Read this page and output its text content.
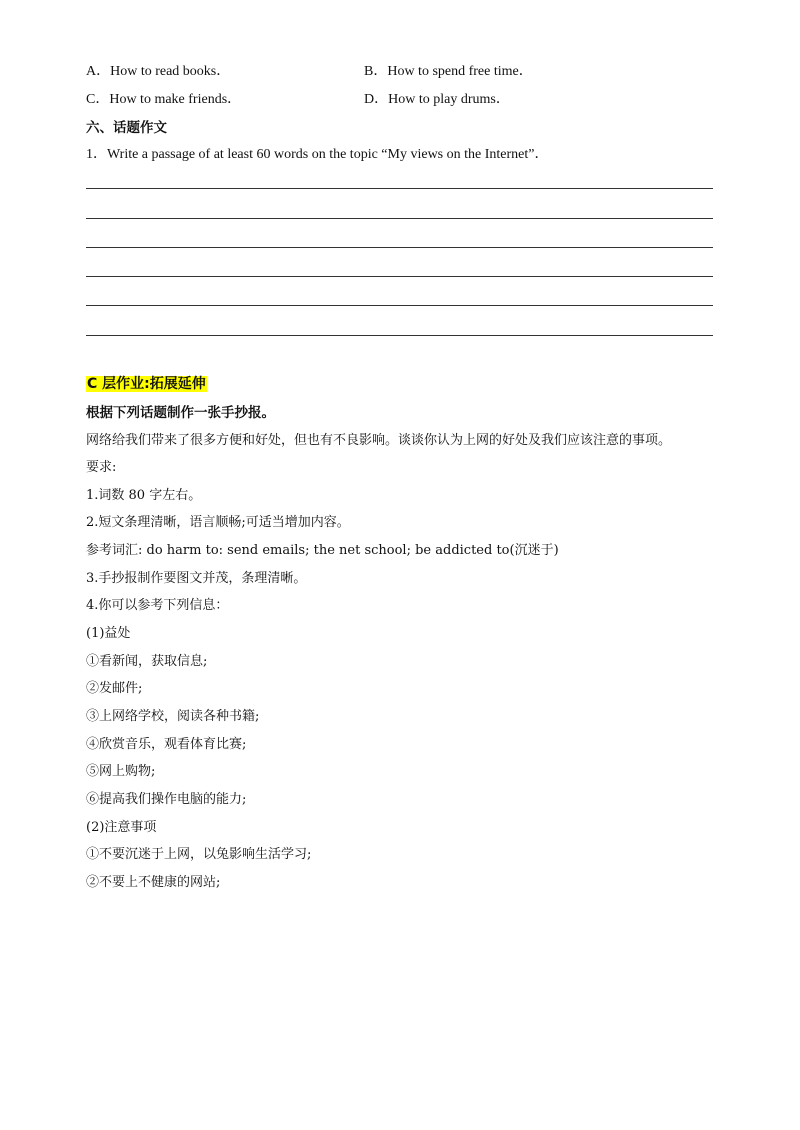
A．How to read books．	B．How to spend free time．
C．How to make friends．	D．How to play drums．
六、话题作文
1．Write a passage of at least 60 words on the topic “My views on the Internet”．
C 层作业:拓展延伸
根据下列话题制作一张手抄报。
网络给我们带来了很多方便和好处，但也有不良影响。谈谈你认为上网的好处及我们应该注意的事项。
要求:
1.词数 80 字左右。
2.短文条理清晰，语言顺畅;可适当增加内容。
参考词汇: do harm to: send emails; the net school; be addicted to(沉迷于)
3.手抄报制作要图文并茂，条理清晰。
4.你可以参考下列信息：
(1)益处
①看新闻，获取信息;
②发邮件;
③上网络学校，阅读各种书籍;
④欣赏音乐，观看体育比赛;
⑤网上购物;
⑥提高我们操作电脑的能力;
(2)注意事项
①不要沉迷于上网，以兔影响生活学习;
②不要上不健康的网站;
